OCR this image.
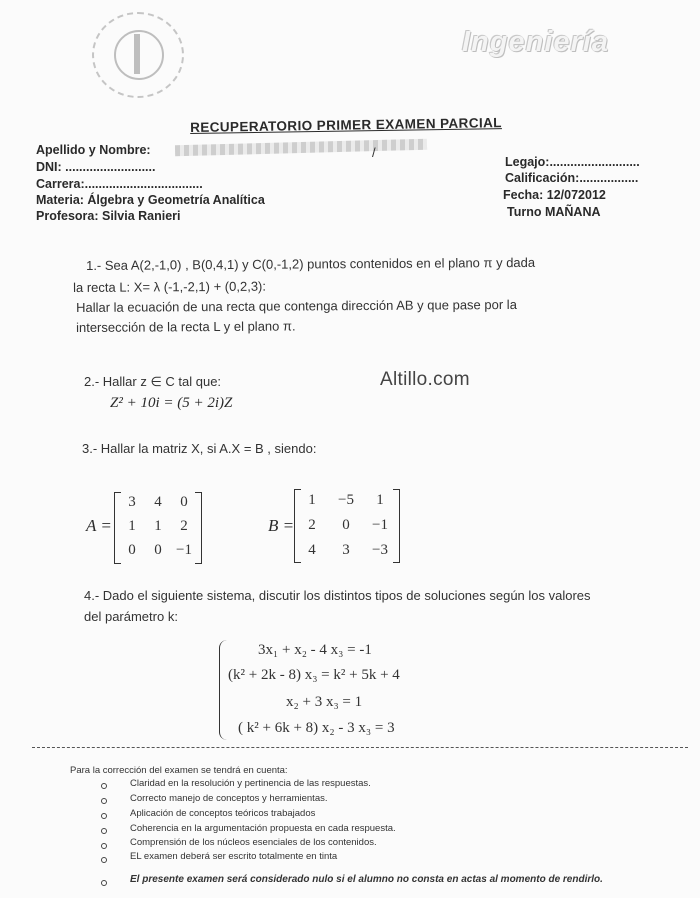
Ingeniería
RECUPERATORIO PRIMER EXAMEN PARCIAL
Apellido y Nombre:	/
DNI: ..........................
Carrera:..................................
Materia: Álgebra y Geometría Analítica
Profesora: Silvia Ranieri
Legajo:..........................
Calificación:.................
Fecha: 12/072012
Turno MAÑANA
1.- Sea A(2,-1,0) , B(0,4,1) y C(0,-1,2) puntos contenidos en el plano π y dada
la recta L: X= λ (-1,-2,1) + (0,2,3):
Hallar la ecuación de una recta que contenga dirección AB y que pase por la
intersección de la recta L y el plano π.
2.- Hallar z ∈ C tal que:
Z² + 10i = (5 + 2i)Z
Altillo.com
3.- Hallar la matriz X, si A.X = B , siendo:
A =
3	4	0
1	1	2
0	0 −1
B =
1	−5	1
2	0	−1
4	3	−3
4.- Dado el siguiente sistema, discutir los distintos tipos de soluciones según los valores
del parámetro k:
3x₁ + x₂ - 4 x₃ = -1
(k² + 2k - 8) x₃ = k² + 5k + 4
x₂ + 3 x₃ = 1
( k² + 6k + 8) x₂ - 3 x₃ = 3
Para la corrección del examen se tendrá en cuenta:
Claridad en la resolución y pertinencia de las respuestas.
Correcto manejo de conceptos y herramientas.
Aplicación de conceptos teóricos trabajados
Coherencia en la argumentación propuesta en cada respuesta.
Comprensión de los núcleos esenciales de los contenidos.
EL examen deberá ser escrito totalmente en tinta
El presente examen será considerado nulo si el alumno no consta en actas al momento de rendirlo.
